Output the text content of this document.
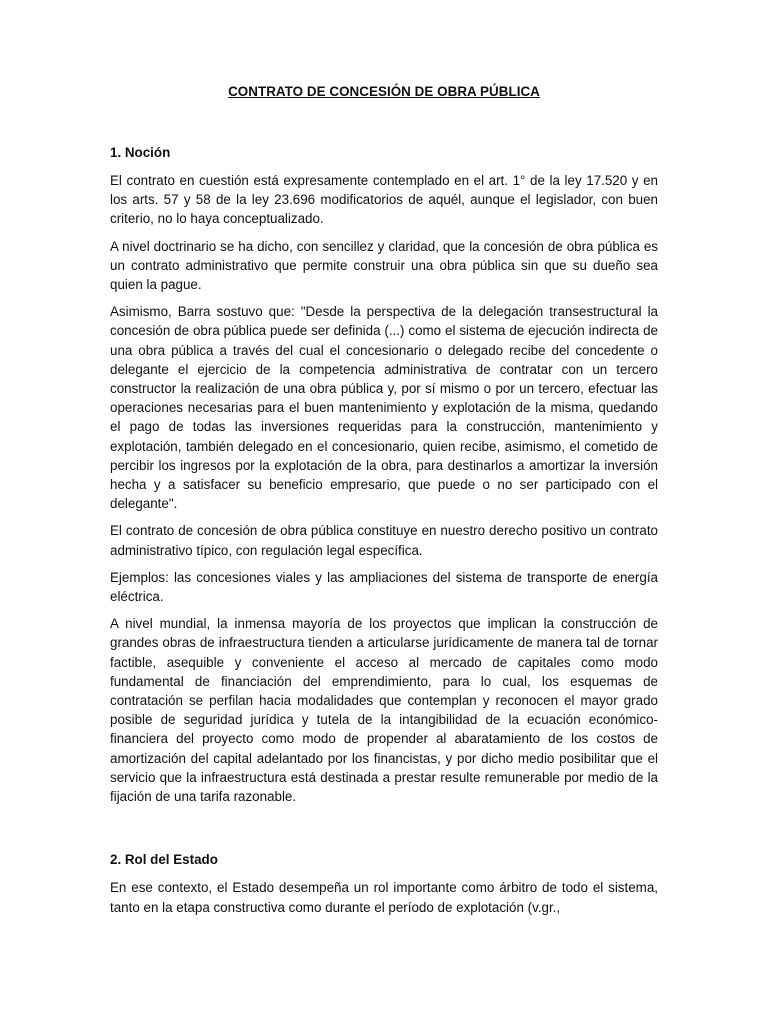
CONTRATO DE CONCESIÓN DE OBRA PÚBLICA
1. Noción

El contrato en cuestión está expresamente contemplado en el art. 1° de la ley 17.520 y en los arts. 57 y 58 de la ley 23.696 modificatorios de aquél, aunque el legislador, con buen criterio, no lo haya conceptualizado.

A nivel doctrinario se ha dicho, con sencillez y claridad, que la concesión de obra pública es un contrato administrativo que permite construir una obra pública sin que su dueño sea quien la pague.

Asimismo, Barra sostuvo que: "Desde la perspectiva de la delegación transestructural la concesión de obra pública puede ser definida (...) como el sistema de ejecución indirecta de una obra pública a través del cual el concesionario o delegado recibe del concedente o delegante el ejercicio de la competencia administrativa de contratar con un tercero constructor la realización de una obra pública y, por sí mismo o por un tercero, efectuar las operaciones necesarias para el buen mantenimiento y explotación de la misma, quedando el pago de todas las inversiones requeridas para la construcción, mantenimiento y explotación, también delegado en el concesionario, quien recibe, asimismo, el cometido de percibir los ingresos por la explotación de la obra, para destinarlos a amortizar la inversión hecha y a satisfacer su beneficio empresario, que puede o no ser participado con el delegante".

El contrato de concesión de obra pública constituye en nuestro derecho positivo un contrato administrativo típico, con regulación legal específica.

Ejemplos: las concesiones viales y las ampliaciones del sistema de transporte de energía eléctrica.

A nivel mundial, la inmensa mayoría de los proyectos que implican la construcción de grandes obras de infraestructura tienden a articularse jurídicamente de manera tal de tornar factible, asequible y conveniente el acceso al mercado de capitales como modo fundamental de financiación del emprendimiento, para lo cual, los esquemas de contratación se perfilan hacia modalidades que contemplan y reconocen el mayor grado posible de seguridad jurídica y tutela de la intangibilidad de la ecuación económico-financiera del proyecto como modo de propender al abaratamiento de los costos de amortización del capital adelantado por los financistas, y por dicho medio posibilitar que el servicio que la infraestructura está destinada a prestar resulte remunerable por medio de la fijación de una tarifa razonable.

2. Rol del Estado

En ese contexto, el Estado desempeña un rol importante como árbitro de todo el sistema, tanto en la etapa constructiva como durante el período de explotación (v.gr.,
